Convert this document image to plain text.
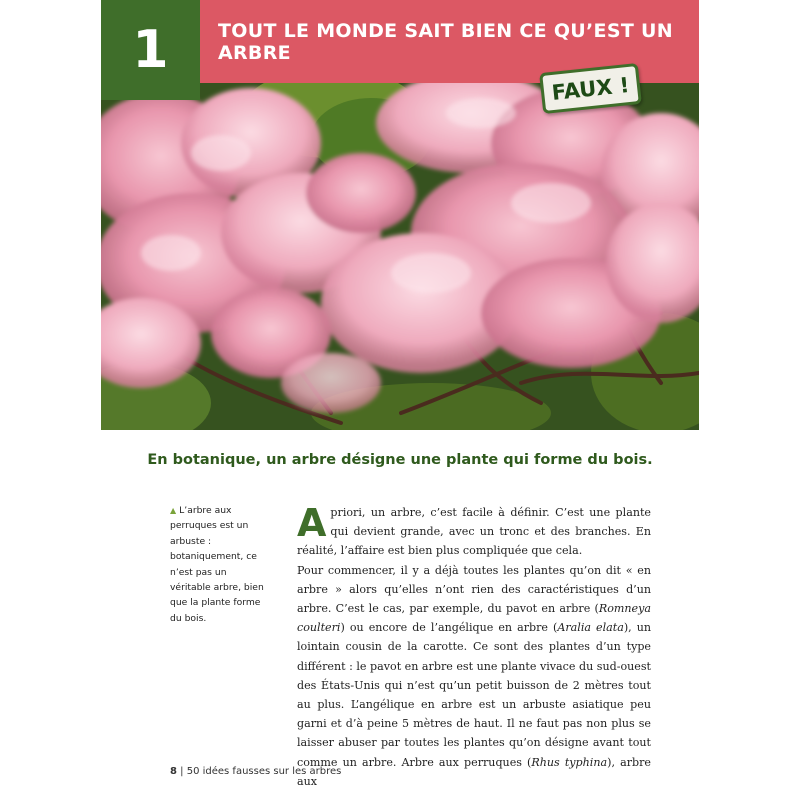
1	TOUT LE MONDE SAIT BIEN CE QU’EST UN ARBRE
FAUX !
En botanique, un arbre désigne une plante qui forme du bois.
▲ L’arbre aux perruques est un arbuste : botaniquement, ce n’est pas un véritable arbre, bien que la plante forme du bois.

Apriori, un arbre, c’est facile à définir. C’est une plante qui devient grande, avec un tronc et des branches. En réalité, l’affaire est bien plus compliquée que cela.

Pour commencer, il y a déjà toutes les plantes qu’on dit « en arbre » alors qu’elles n’ont rien des caractéristiques d’un arbre. C’est le cas, par exemple, du pavot en arbre (Romneya coulteri) ou encore de l’angélique en arbre (Aralia elata), un lointain cousin de la carotte. Ce sont des plantes d’un type différent : le pavot en arbre est une plante vivace du sud-ouest des États-Unis qui n’est qu’un petit buisson de 2 mètres tout au plus. L’angélique en arbre est un arbuste asiatique peu garni et d’à peine 5 mètres de haut. Il ne faut pas non plus se laisser abuser par toutes les plantes qu’on désigne avant tout comme un arbre. Arbre aux perruques (Rhus typhina), arbre aux

8 | 50 idées fausses sur les arbres
